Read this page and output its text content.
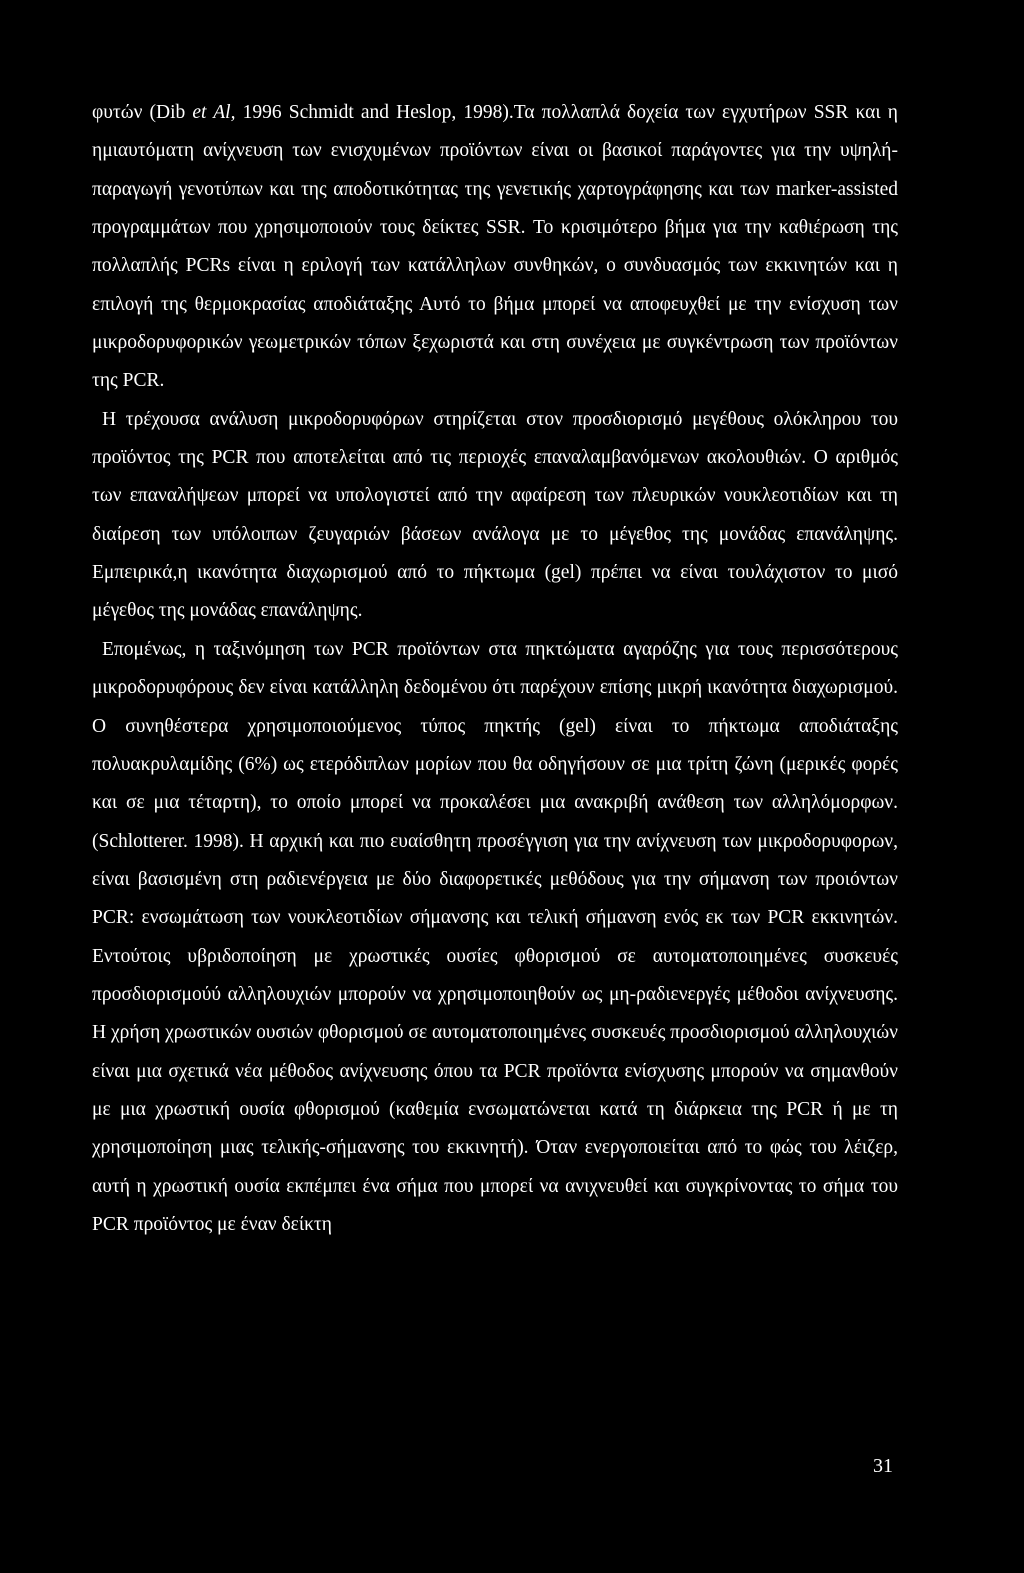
φυτών (Dib et Al, 1996 Schmidt and Heslop, 1998).Τα πολλαπλά δοχεία των εγχυτήρων SSR και η ημιαυτόματη ανίχνευση των ενισχυμένων προϊόντων είναι οι βασικοί παράγοντες για την υψηλή-παραγωγή γενοτύπων και της αποδοτικότητας της γενετικής χαρτογράφησης και των marker-assisted προγραμμάτων που χρησιμοποιούν τους δείκτες SSR. Το κρισιμότερο βήμα για την καθιέρωση της πολλαπλής PCRs είναι η εριλογή των κατάλληλων συνθηκών, ο συνδυασμός των εκκινητών και η επιλογή της θερμοκρασίας αποδιάταξης Αυτό το βήμα μπορεί να αποφευχθεί με την ενίσχυση των μικροδορυφορικών γεωμετρικών τόπων ξεχωριστά και στη συνέχεια με συγκέντρωση των προϊόντων της PCR.

Η τρέχουσα ανάλυση μικροδορυφόρων στηρίζεται στον προσδιορισμό μεγέθους ολόκληρου του προϊόντος της PCR που αποτελείται από τις περιοχές επαναλαμβανόμενων ακολουθιών. Ο αριθμός των επαναλήψεων μπορεί να υπολογιστεί από την αφαίρεση των πλευρικών νουκλεοτιδίων και τη διαίρεση των υπόλοιπων ζευγαριών βάσεων ανάλογα με το μέγεθος της μονάδας επανάληψης. Εμπειρικά,η ικανότητα διαχωρισμού από το πήκτωμα (gel) πρέπει να είναι τουλάχιστον το μισό μέγεθος της μονάδας επανάληψης.

Επομένως, η ταξινόμηση των PCR προϊόντων στα πηκτώματα αγαρόζης για τους περισσότερους μικροδορυφόρους δεν είναι κατάλληλη δεδομένου ότι παρέχουν επίσης μικρή ικανότητα διαχωρισμού. Ο συνηθέστερα χρησιμοποιούμενος τύπος πηκτής (gel) είναι το πήκτωμα αποδιάταξης πολυακρυλαμίδης (6%) ως ετερόδιπλων μορίων που θα οδηγήσουν σε μια τρίτη ζώνη (μερικές φορές και σε μια τέταρτη), το οποίο μπορεί να προκαλέσει μια ανακριβή ανάθεση των αλληλόμορφων.(Schlotterer. 1998). Η αρχική και πιο ευαίσθητη προσέγγιση για την ανίχνευση των μικροδορυφορων, είναι βασισμένη στη ραδιενέργεια με δύο διαφορετικές μεθόδους για την σήμανση των προιόντων PCR: ενσωμάτωση των νουκλεοτιδίων σήμανσης και τελική σήμανση ενός εκ των PCR εκκινητών. Εντούτοις υβριδοποίηση με χρωστικές ουσίες φθορισμού σε αυτοματοποιημένες συσκευές προσδιορισμούύ αλληλουχιών μπορούν να χρησιμοποιηθούν ως μη-ραδιενεργές μέθοδοι ανίχνευσης. Η χρήση χρωστικών ουσιών φθορισμού σε αυτοματοποιημένες συσκευές προσδιορισμού αλληλουχιών είναι μια σχετικά νέα μέθοδος ανίχνευσης όπου τα PCR προϊόντα ενίσχυσης μπορούν να σημανθούν με μια χρωστική ουσία φθορισμού (καθεμία ενσωματώνεται κατά τη διάρκεια της PCR ή με τη χρησιμοποίηση μιας τελικής-σήμανσης του εκκινητή). Όταν ενεργοποιείται από το φώς του λέιζερ, αυτή η χρωστική ουσία εκπέμπει ένα σήμα που μπορεί να ανιχνευθεί και συγκρίνοντας το σήμα του PCR προϊόντος με έναν δείκτη

31
